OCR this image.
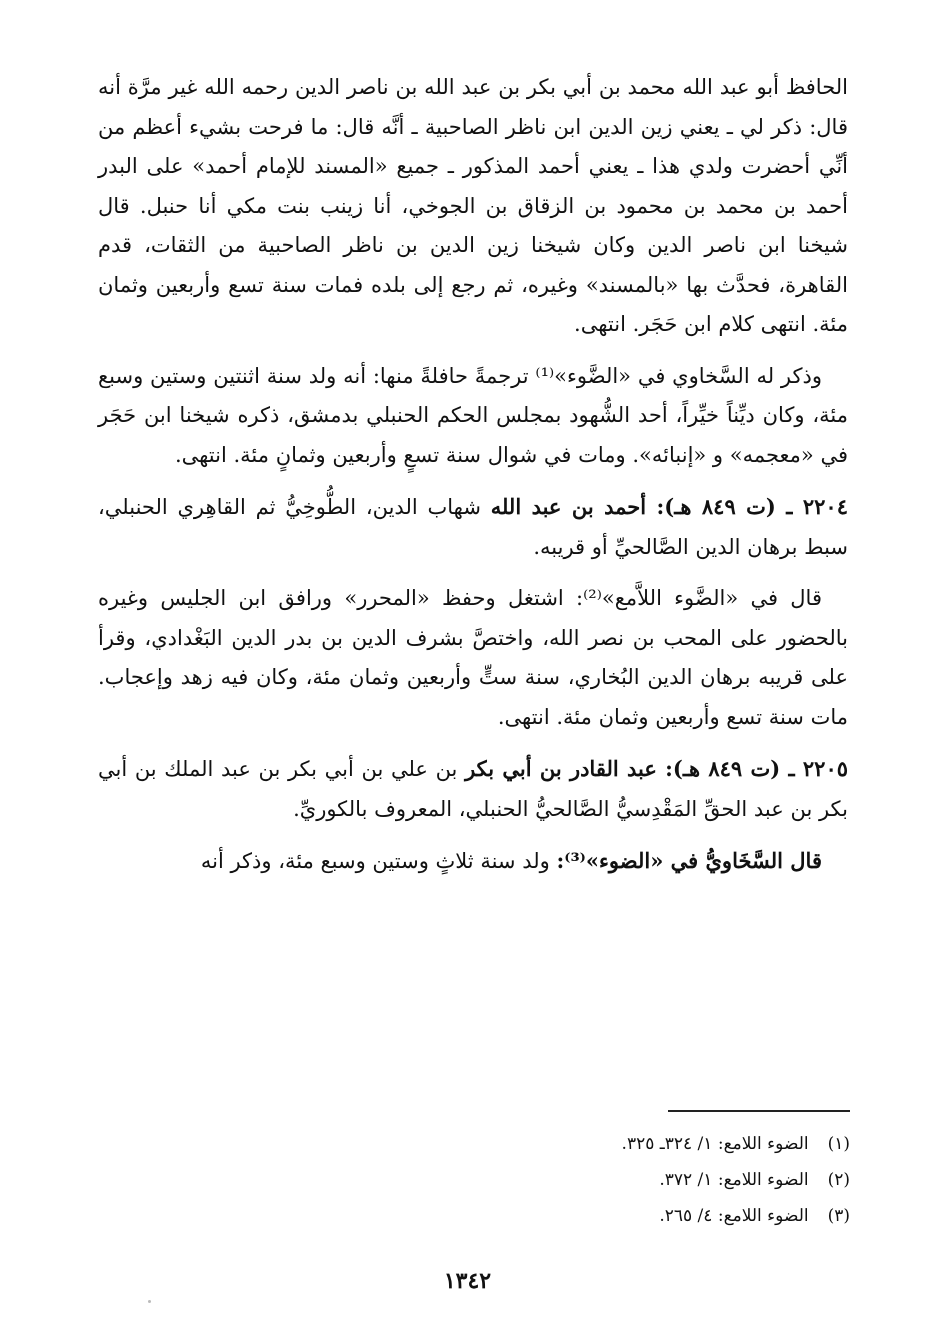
الحافظ أبو عبد الله محمد بن أبي بكر بن عبد الله بن ناصر الدين رحمه الله غير مرَّة أنه قال: ذكر لي ـ يعني زين الدين ابن ناظر الصاحبية ـ أنَّه قال: ما فرحت بشيء أعظم من أنِّي أحضرت ولدي هذا ـ يعني أحمد المذكور ـ جميع «المسند للإمام أحمد» على البدر أحمد بن محمد بن محمود بن الزقاق بن الجوخي، أنا زينب بنت مكي أنا حنبل. قال شيخنا ابن ناصر الدين وكان شيخنا زين الدين بن ناظر الصاحبية من الثقات، قدم القاهرة، فحدَّث بها «بالمسند» وغيره، ثم رجع إلى بلده فمات سنة تسع وأربعين وثمان مئة. انتهى كلام ابن حَجَر. انتهى.

وذكر له السَّخاوي في «الضَّوء»⁽¹⁾ ترجمةً حافلةً منها: أنه ولد سنة اثنتين وستين وسبع مئة، وكان ديِّناً خيِّراً، أحد الشُّهود بمجلس الحكم الحنبلي بدمشق، ذكره شيخنا ابن حَجَر في «معجمه» و «إنبائه». ومات في شوال سنة تسعٍ وأربعين وثمانٍ مئة. انتهى.

٢٢٠٤ ـ (ت ٨٤٩ هـ): أحمد بن عبد الله شهاب الدين، الطُّوخِيُّ ثم القاهِري الحنبلي، سبط برهان الدين الصَّالحيِّ أو قريبه.

قال في «الضَّوء اللاَّمع»⁽²⁾: اشتغل وحفظ «المحرر» ورافق ابن الجليس وغيره بالحضور على المحب بن نصر الله، واختصَّ بشرف الدين بن بدر الدين البَغْدادي، وقرأ على قريبه برهان الدين البُخاري، سنة ستٍّ وأربعين وثمان مئة، وكان فيه زهد وإعجاب. مات سنة تسع وأربعين وثمان مئة. انتهى.

٢٢٠٥ ـ (ت ٨٤٩ هـ): عبد القادر بن أبي بكر بن علي بن أبي بكر بن عبد الملك بن أبي بكر بن عبد الحقِّ المَقْدِسيُّ الصَّالحيُّ الحنبلي، المعروف بالكوريِّ.

قال السَّخَاويُّ في «الضوء»⁽³⁾: ولد سنة ثلاثٍ وستين وسبع مئة، وذكر أنه

(١) الضوء اللامع: ١/ ٣٢٤ـ ٣٢٥.
(٢) الضوء اللامع: ١/ ٣٧٢.
(٣) الضوء اللامع: ٤/ ٢٦٥.
١٣٤٢
